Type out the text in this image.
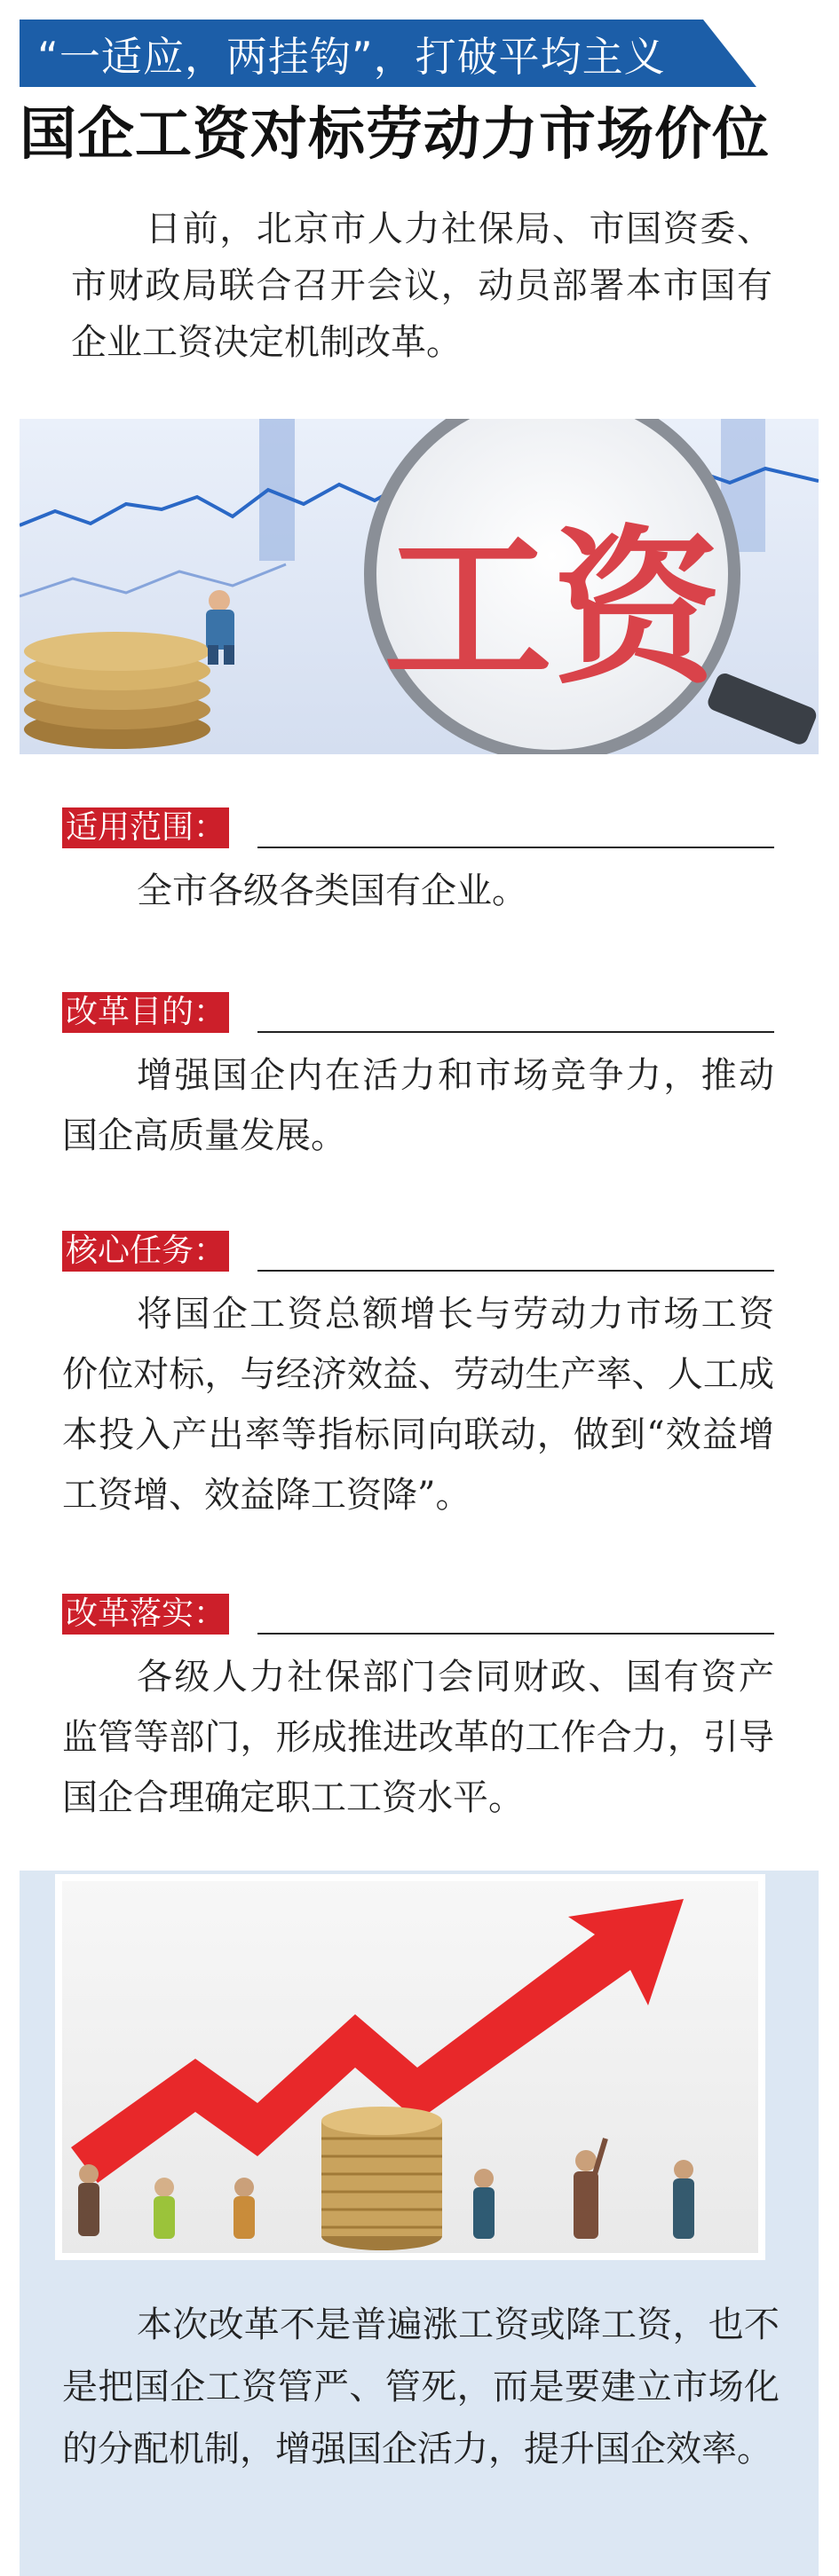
“一适应，两挂钩”，打破平均主义
国企工资对标劳动力市场价位
日前，北京市人力社保局、市国资委、市财政局联合召开会议，动员部署本市国有企业工资决定机制改革。
工资
适用范围：
全市各级各类国有企业。
改革目的：
增强国企内在活力和市场竞争力，推动国企高质量发展。
核心任务：
将国企工资总额增长与劳动力市场工资价位对标，与经济效益、劳动生产率、人工成本投入产出率等指标同向联动，做到“效益增工资增、效益降工资降”。
改革落实：
各级人力社保部门会同财政、国有资产监管等部门，形成推进改革的工作合力，引导国企合理确定职工工资水平。
本次改革不是普遍涨工资或降工资，也不是把国企工资管严、管死，而是要建立市场化的分配机制，增强国企活力，提升国企效率。
